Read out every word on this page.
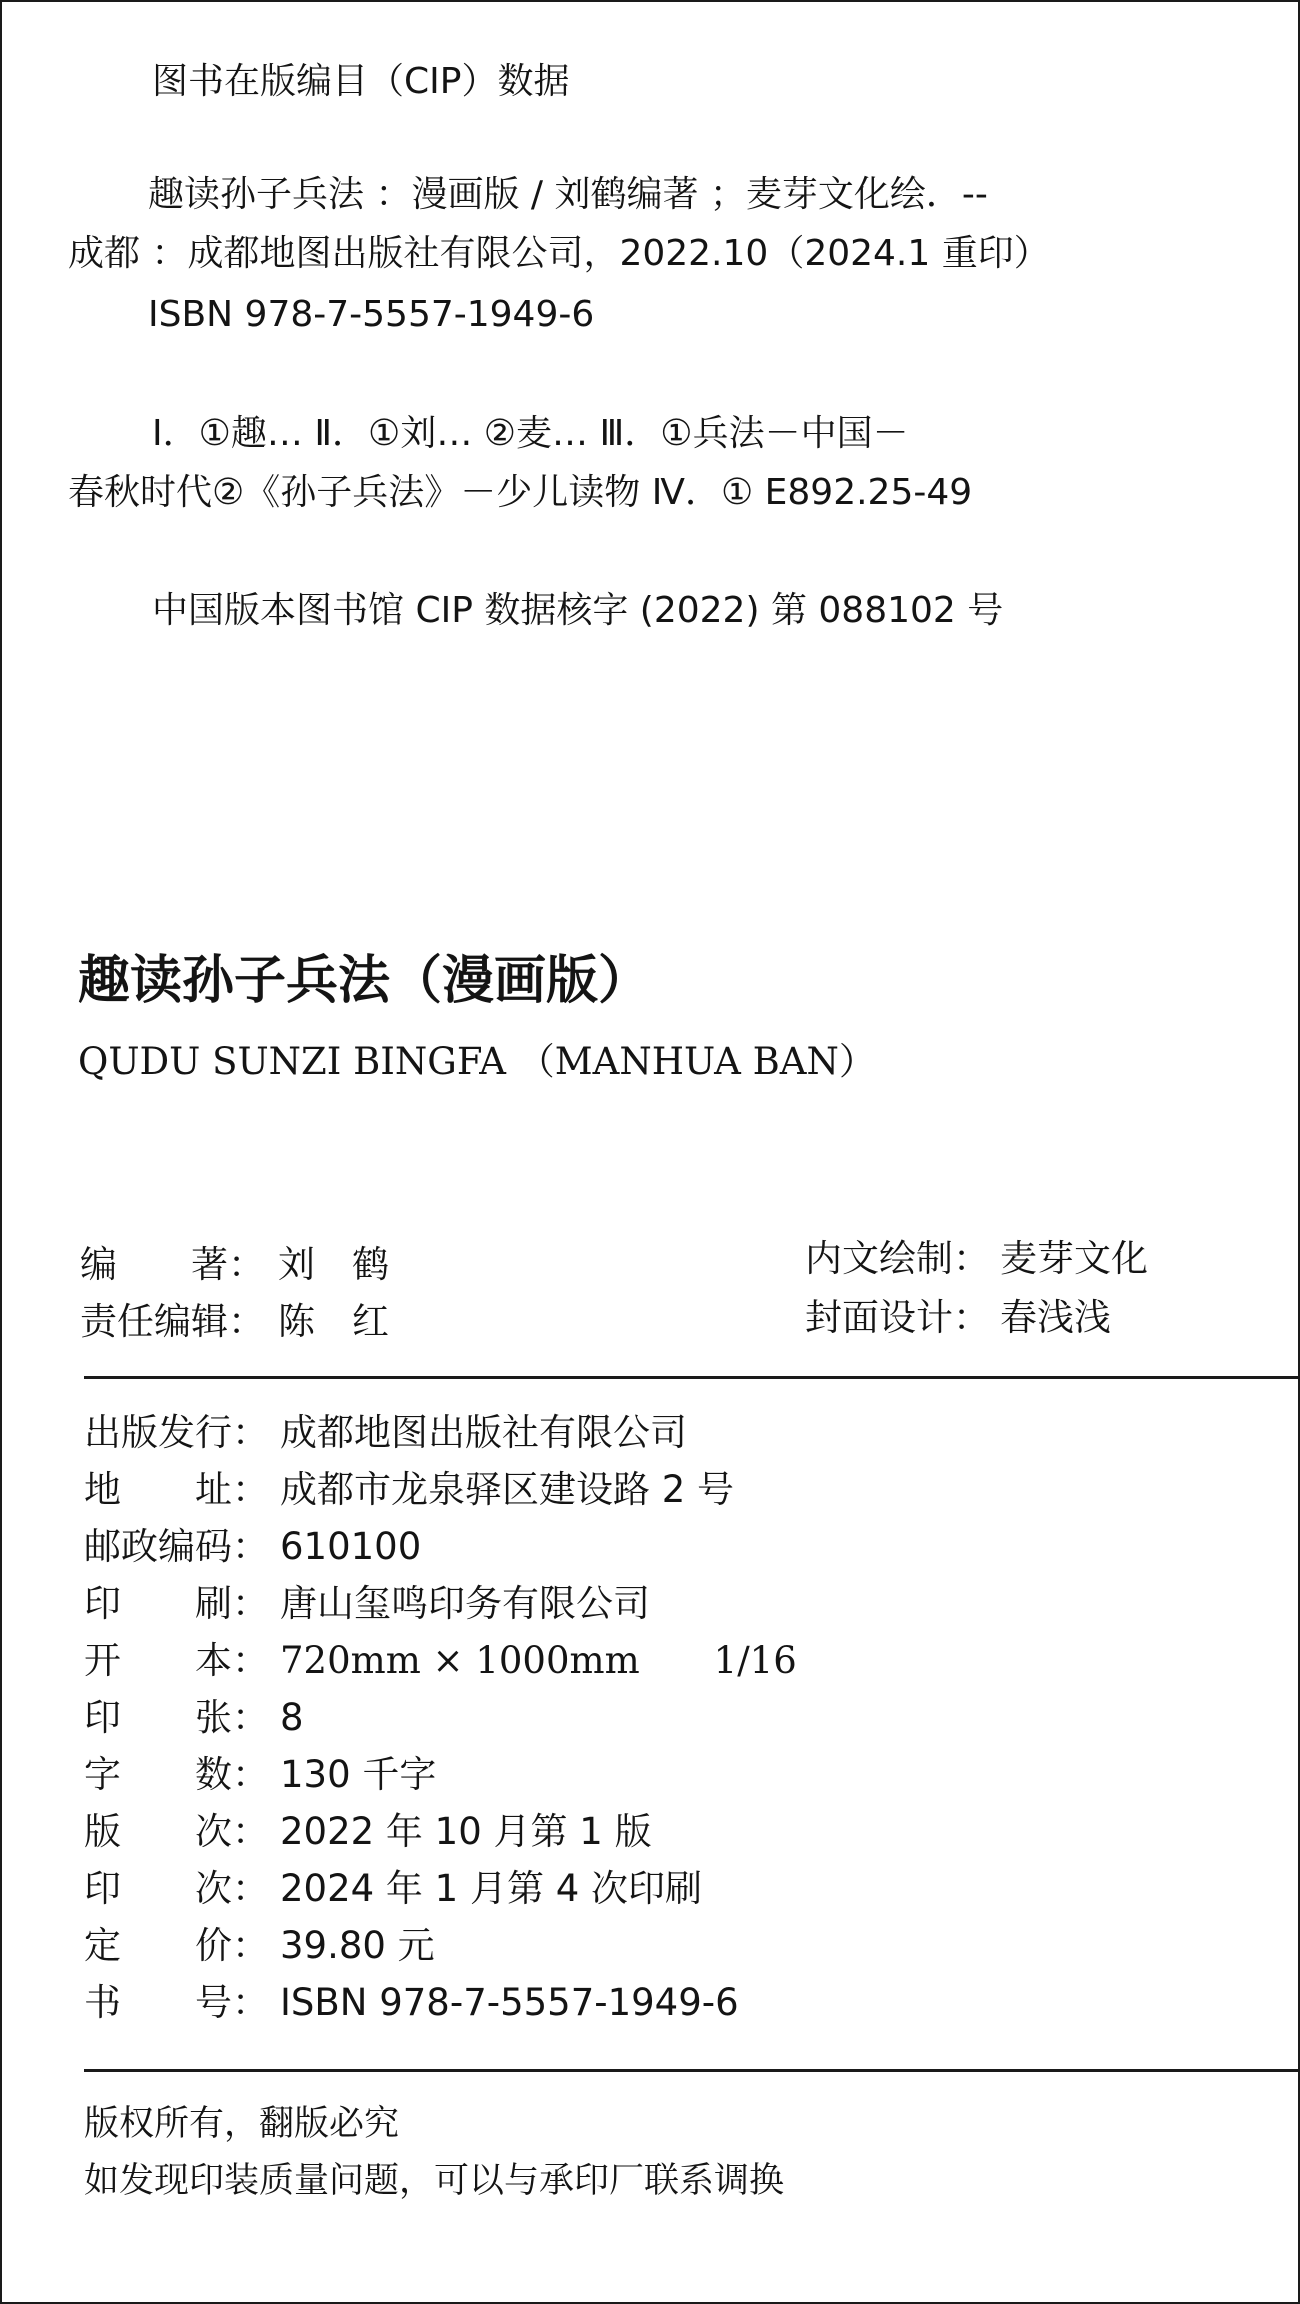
图书在版编目（CIP）数据
趣读孙子兵法 ：漫画版 / 刘鹤编著 ；麦芽文化绘．--
成都 ：成都地图出版社有限公司，2022.10（2024.1 重印）
ISBN 978-7-5557-1949-6
Ⅰ．①趣… Ⅱ．①刘… ②麦… Ⅲ．①兵法－中国－
春秋时代②《孙子兵法》－少儿读物 Ⅳ．① E892.25-49
中国版本图书馆 CIP 数据核字 (2022) 第 088102 号
趣读孙子兵法（漫画版）
QUDU SUNZI BINGFA （MANHUA BAN）
编　　著： 刘　鹤	内文绘制： 麦芽文化
责任编辑： 陈　红	封面设计： 春浅浅

出版发行：

成都地图出版社有限公司

地　　址：

成都市龙泉驿区建设路 2 号

邮政编码：

610100

印　　刷：

唐山玺鸣印务有限公司

开　　本：

720mm × 1000mm　　1/16

印　　张：

8

字　　数：

130 千字

版　　次：

2022 年 10 月第 1 版

印　　次：

2024 年 1 月第 4 次印刷

定　　价：

39.80 元

书　　号：

ISBN 978-7-5557-1949-6

版权所有，翻版必究
如发现印装质量问题，可以与承印厂联系调换
